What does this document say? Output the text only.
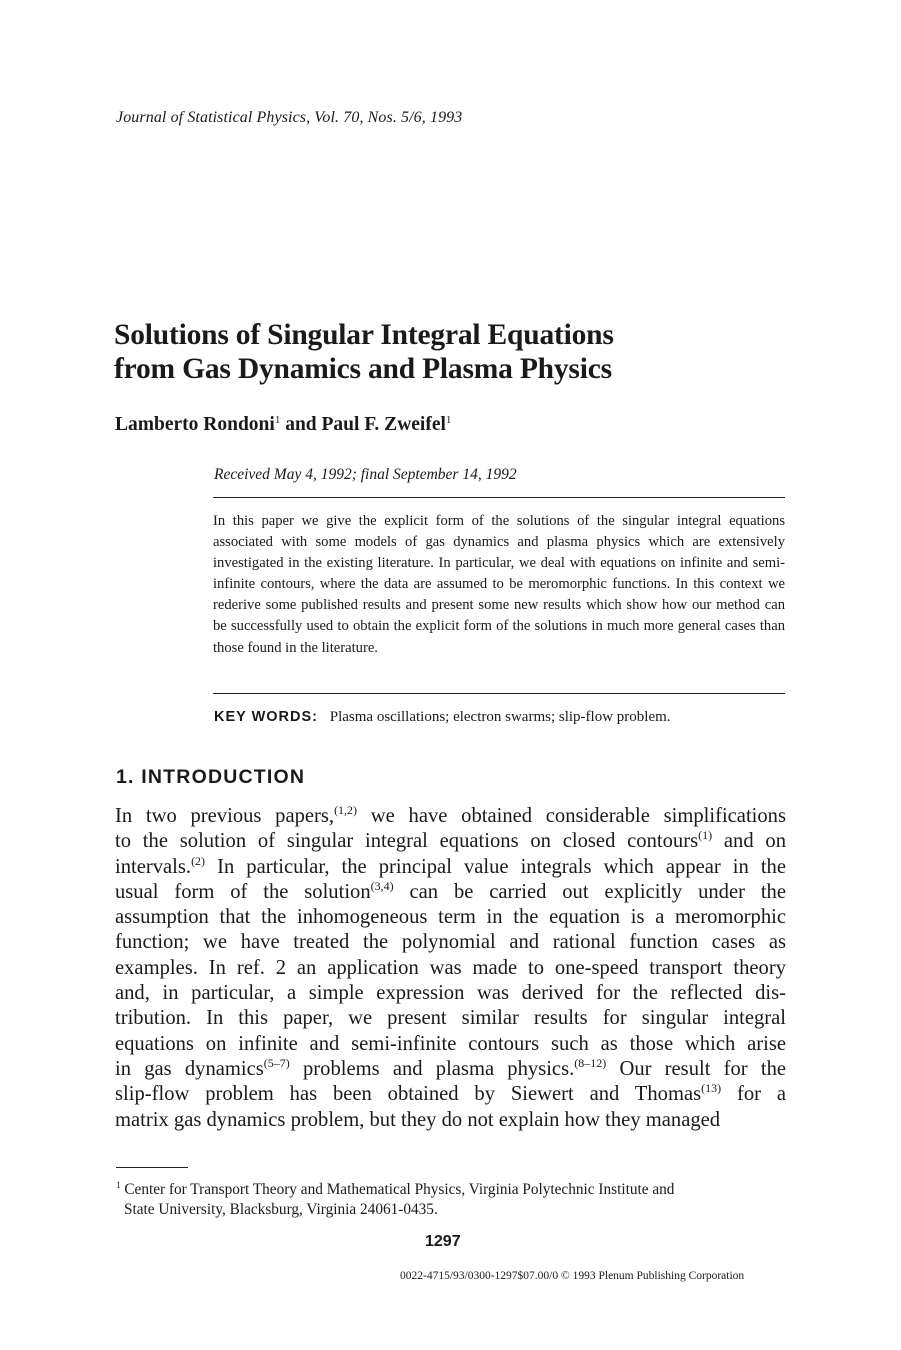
Journal of Statistical Physics, Vol. 70, Nos. 5/6, 1993
Solutions of Singular Integral Equations
from Gas Dynamics and Plasma Physics
Lamberto Rondoni$^1$ and Paul F. Zweifel$^1$
Received May 4, 1992; final September 14, 1992
In this paper we give the explicit form of the solutions of the singular integral equations associated with some models of gas dynamics and plasma physics which are extensively investigated in the existing literature. In particular, we deal with equations on infinite and semi-infinite contours, where the data are assumed to be meromorphic functions. In this context we rederive some published results and present some new results which show how our method can be successfully used to obtain the explicit form of the solutions in much more general cases than those found in the literature.
KEY WORDS: Plasma oscillations; electron swarms; slip-flow problem.
1. INTRODUCTION
In two previous papers,$^{(1,2)}$ we have obtained considerable simplifications
to the solution of singular integral equations on closed contours$^{(1)}$ and on
intervals.$^{(2)}$ In particular, the principal value integrals which appear in the
usual form of the solution$^{(3,4)}$ can be carried out explicitly under the
assumption that the inhomogeneous term in the equation is a meromorphic
function; we have treated the polynomial and rational function cases as
examples. In ref. 2 an application was made to one-speed transport theory
and, in particular, a simple expression was derived for the reflected dis-
tribution. In this paper, we present similar results for singular integral
equations on infinite and semi-infinite contours such as those which arise
in gas dynamics$^{(5-7)}$ problems and plasma physics.$^{(8-12)}$ Our result for the
slip-flow problem has been obtained by Siewert and Thomas$^{(13)}$ for a
matrix gas dynamics problem, but they do not explain how they managed
$^1$ Center for Transport Theory and Mathematical Physics, Virginia Polytechnic Institute and
State University, Blacksburg, Virginia 24061-0435.
1297
0022-4715/93/0300-1297$07.00/0 © 1993 Plenum Publishing Corporation
